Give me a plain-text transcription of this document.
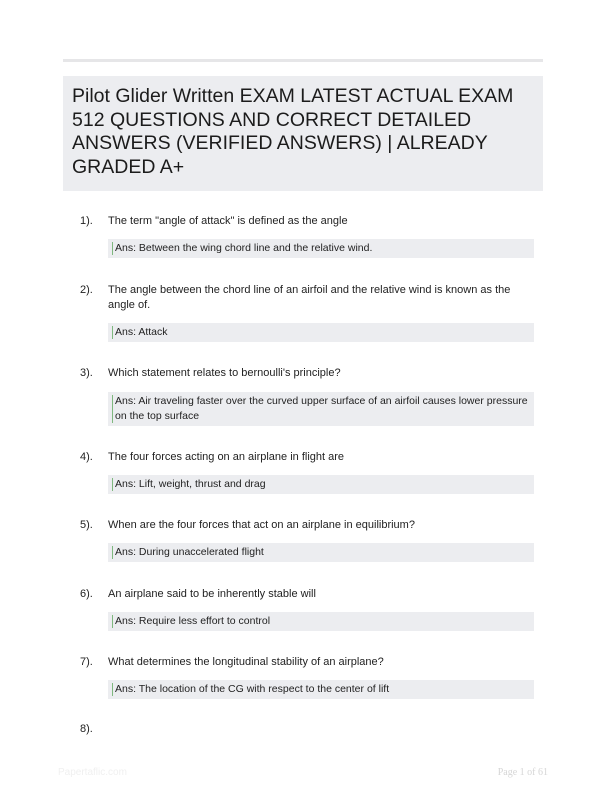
Pilot Glider Written EXAM LATEST ACTUAL EXAM 512 QUESTIONS AND CORRECT DETAILED ANSWERS (VERIFIED ANSWERS) | ALREADY GRADED A+
1). The term "angle of attack" is defined as the angle
Ans: Between the wing chord line and the relative wind.
2). The angle between the chord line of an airfoil and the relative wind is known as the angle of.
Ans: Attack
3). Which statement relates to bernoulli's principle?
Ans: Air traveling faster over the curved upper surface of an airfoil causes lower pressure on the top surface
4). The four forces acting on an airplane in flight are
Ans: Lift, weight, thrust and drag
5). When are the four forces that act on an airplane in equilibrium?
Ans: During unaccelerated flight
6). An airplane said to be inherently stable will
Ans: Require less effort to control
7). What determines the longitudinal stability of an airplane?
Ans: The location of the CG with respect to the center of lift
8).
Papertaflic.com	Page 1 of 61
